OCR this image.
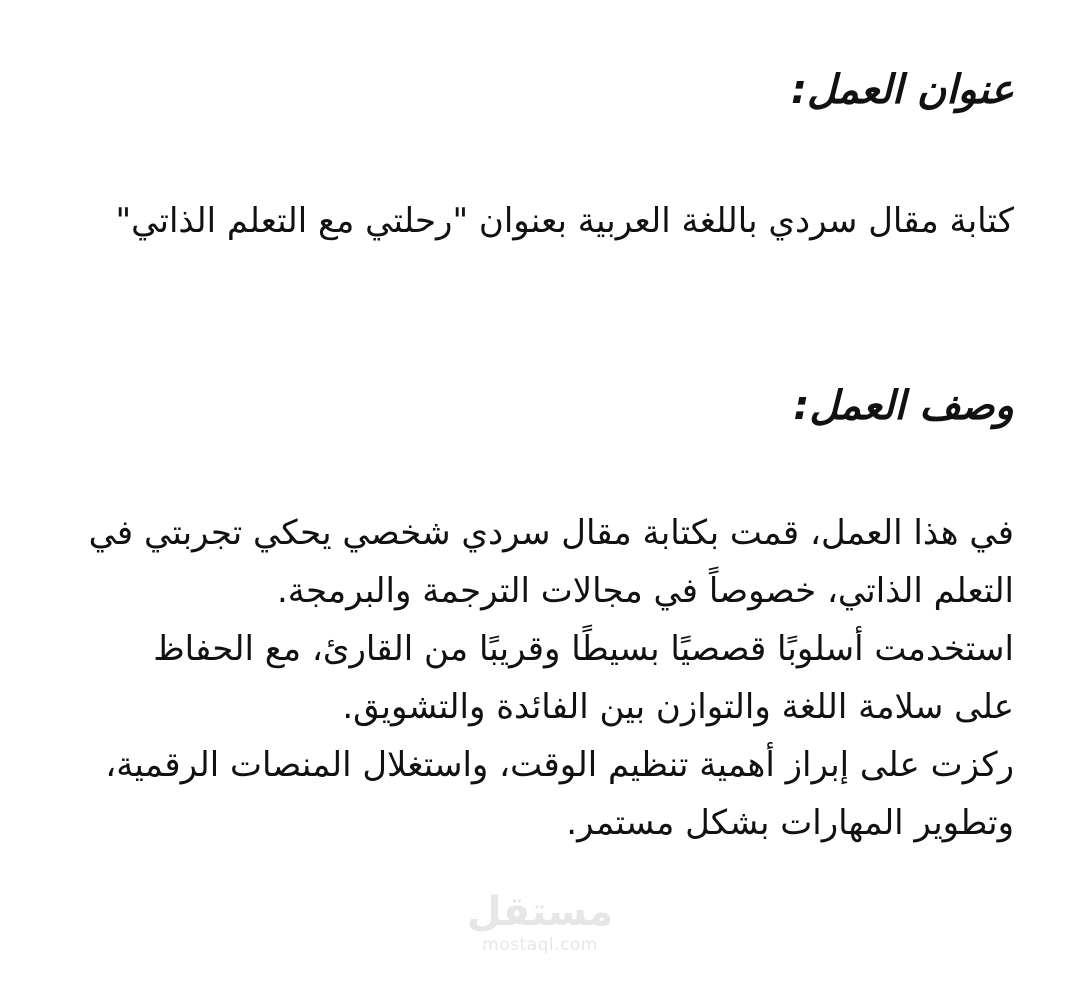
عنوان العمل:

كتابة مقال سردي باللغة العربية بعنوان "رحلتي مع التعلم الذاتي"

وصف العمل:
في هذا العمل، قمت بكتابة مقال سردي شخصي يحكي تجربتي في التعلم الذاتي، خصوصاً في مجالات الترجمة والبرمجة.
استخدمت أسلوبًا قصصيًا بسيطًا وقريبًا من القارئ، مع الحفاظ على سلامة اللغة والتوازن بين الفائدة والتشويق.
ركزت على إبراز أهمية تنظيم الوقت، واستغلال المنصات الرقمية، وتطوير المهارات بشكل مستمر.
مستقل
mostaql.com
